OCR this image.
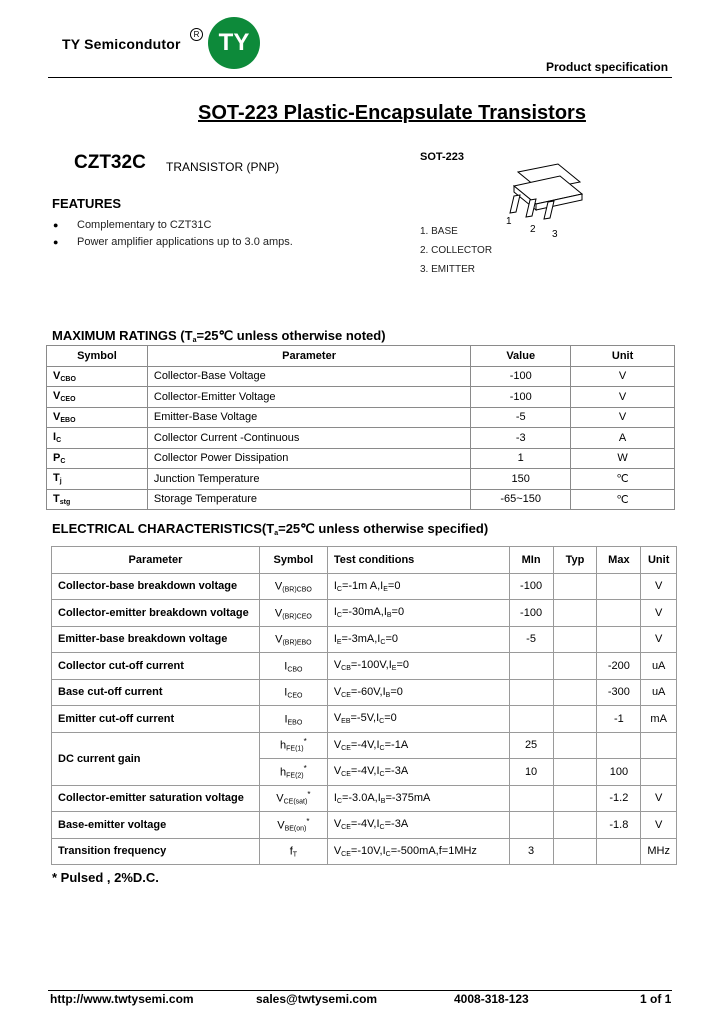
TY Semicondutor
R TY
Product specification
SOT-223 Plastic-Encapsulate Transistors
CZT32C TRANSISTOR (PNP)
FEATURES
● Complementary to CZT31C
● Power amplifier applications up to 3.0 amps.
SOT-223
1
2 3
1. BASE
2. COLLECTOR
3. EMITTER
MAXIMUM RATINGS ($T_a=25℃$ unless otherwise noted)
Symbol	Parameter	Value	Unit
$V_{CBO}$	Collector-Base Voltage	-100	V
$V_{CEO}$	Collector-Emitter Voltage	-100	V
$V_{EBO}$	Emitter-Base Voltage	-5	V
$I_C$	Collector Current -Continuous	-3	A
$P_C$	Collector Power Dissipation	1	W
$T_j$	Junction Temperature	150	℃
$T_{stg}$	Storage Temperature	-65~150	℃
ELECTRICAL $CHARACTERISTICS(T_a=25℃$ unless otherwise specified)
Parameter	Symbol	Test conditions	MIn	Typ	Max	Unit
Collector-base breakdown voltage	$V_{(BR)CBO}$	$I_C=-1m$ $A,I_E=0$	-100			V
Collector-emitter breakdown voltage	$V_{(BR)CEO}$	$I_C=-30mA,I_B=0$	-100			V
Emitter-base breakdown voltage	$V_{(BR)EBO}$	$I_E=-3mA,I_C=0$	-5			V
Collector cut-off current	$I_{CBO}$	$V_{CB}=-100V,I_E=0$			-200	uA
Base cut-off current	$I_{CEO}$	$V_{CE}=-60V,I_B=0$			-300	uA
Emitter cut-off current	$I_{EBO}$	$V_{EB}=-5V,I_C=0$			-1	mA
DC current gain	$h_{FE(1)}^*$	$V_{CE}=-4V,I_C=-1A$	25			
	$h_{FE(2)}^*$	$V_{CE}=-4V,I_C=-3A$	10		100	
Collector-emitter saturation voltage	$V_{CE(sat)}^*$	$I_C=-3.0A,I_B=-375mA$			-1.2	V
Base-emitter voltage	$V_{BE(on)}^*$	$V_{CE}=-4V,I_C=-3A$			-1.8	V
Transition frequency	$f_T$	$V_{CE}=-10V,I_C=-500mA,f=1MHz$	3			MHz
* Pulsed , 2%D.C.
http://www.twtysemi.com	sales@twtysemi.com	4008-318-123	1 of 1
